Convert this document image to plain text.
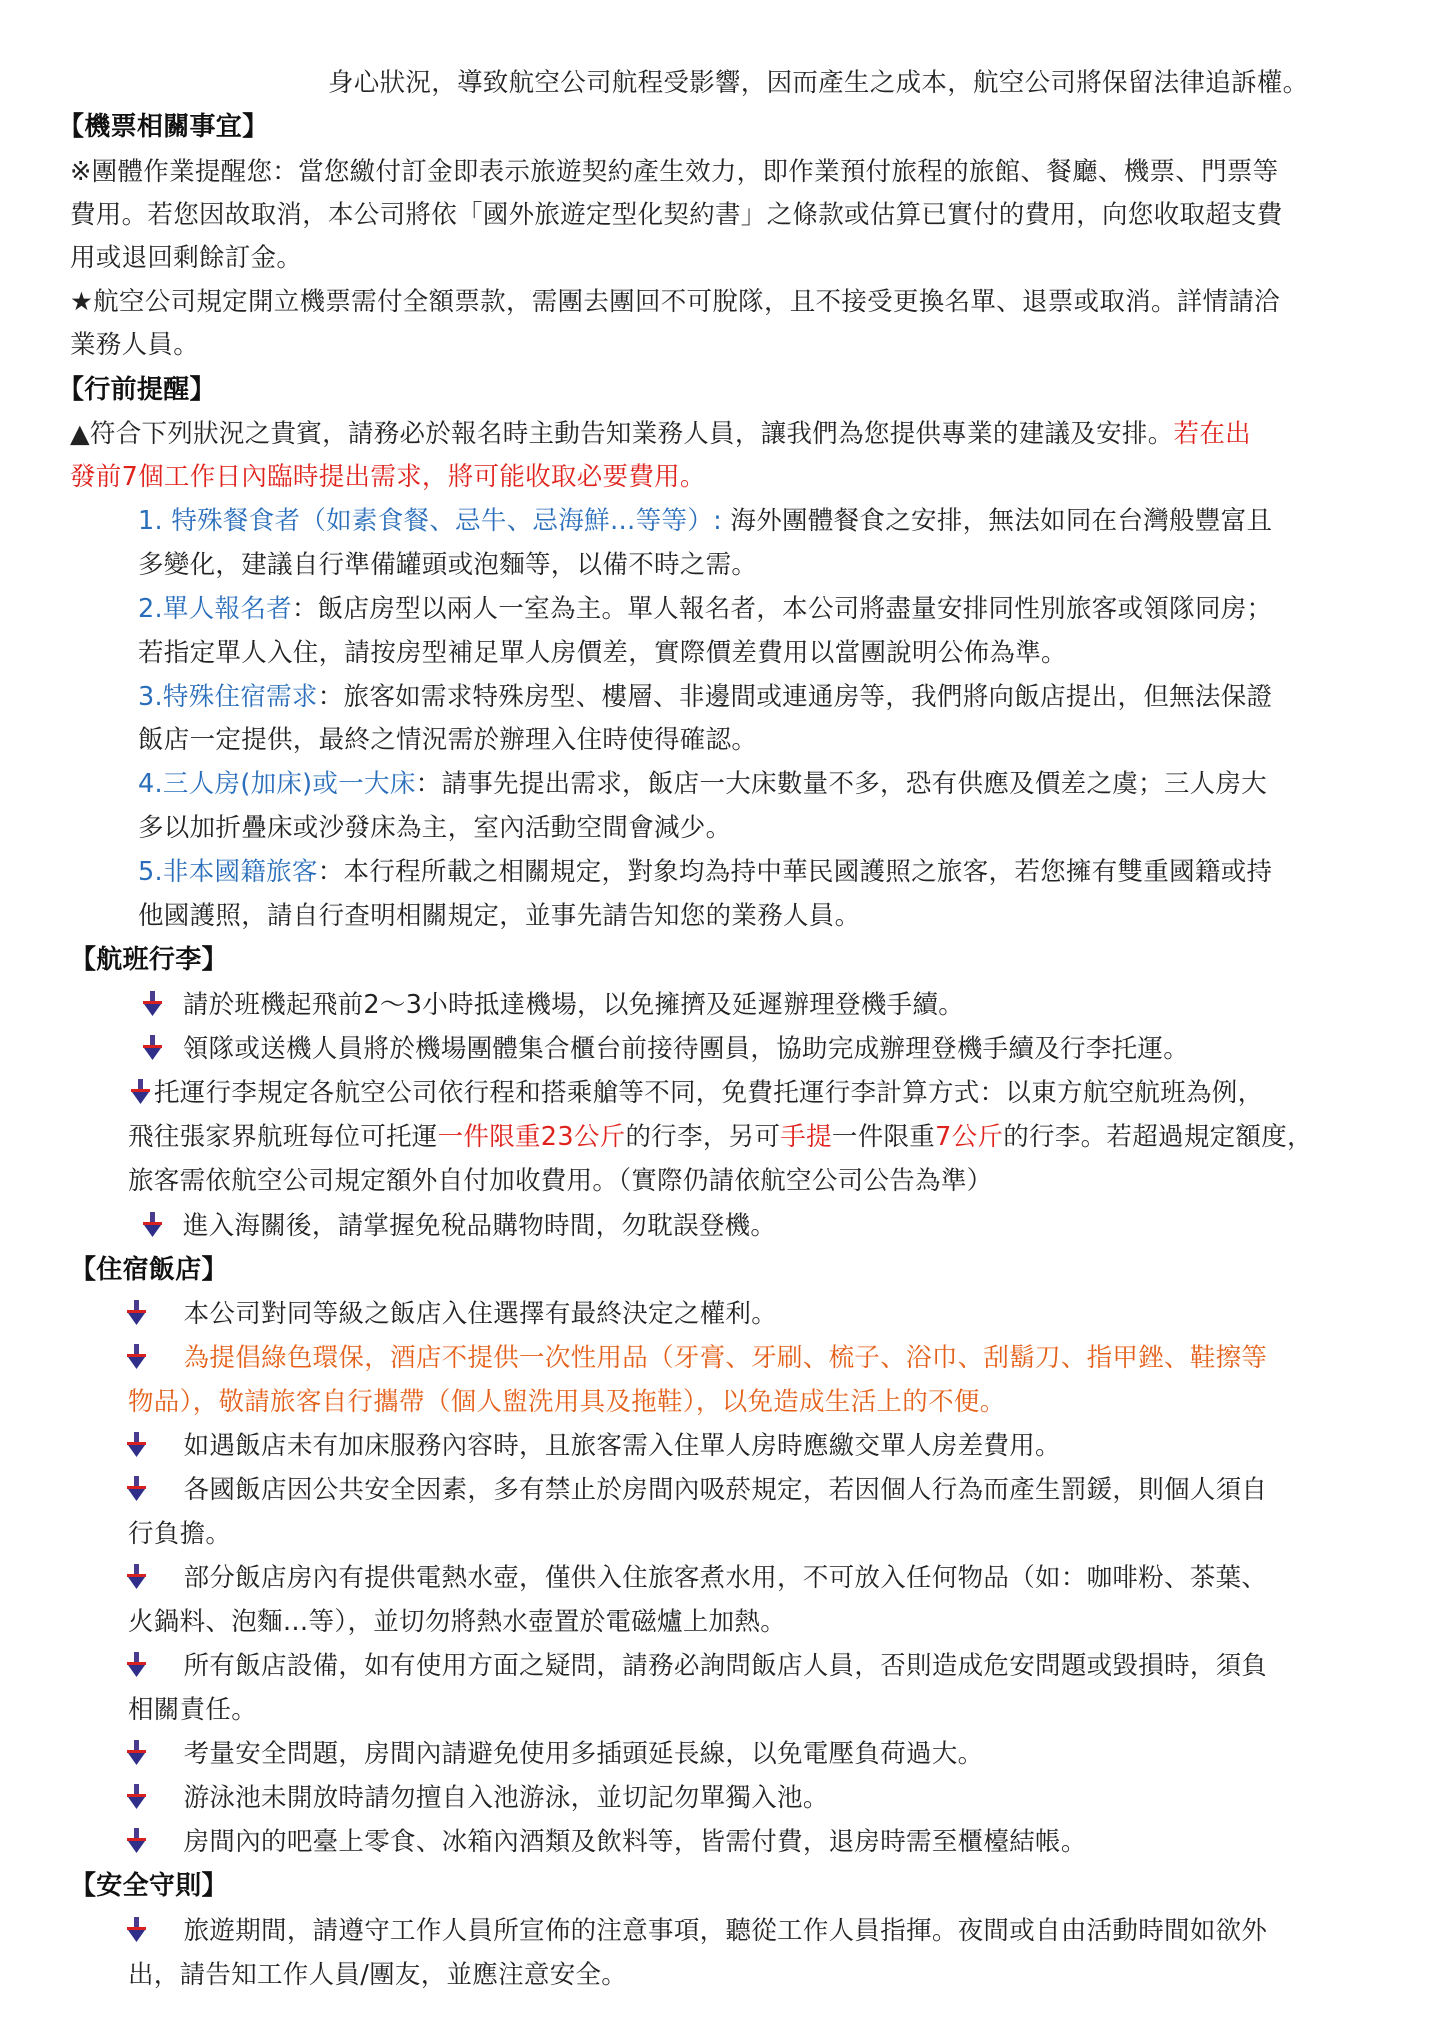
身心狀況，導致航空公司航程受影響，因而產生之成本，航空公司將保留法律追訴權。
【機票相關事宜】
※團體作業提醒您：當您繳付訂金即表示旅遊契約產生效力，即作業預付旅程的旅館、餐廳、機票、門票等
費用。若您因故取消，本公司將依「國外旅遊定型化契約書」之條款或估算已實付的費用，向您收取超支費
用或退回剩餘訂金。
★航空公司規定開立機票需付全額票款，需團去團回不可脫隊，且不接受更換名單、退票或取消。詳情請洽
業務人員。
【行前提醒】
▲符合下列狀況之貴賓，請務必於報名時主動告知業務人員，讓我們為您提供專業的建議及安排。若在出
發前7個工作日內臨時提出需求，將可能收取必要費用。
1. 特殊餐食者（如素食餐、忌牛、忌海鮮…等等）: 海外團體餐食之安排，無法如同在台灣般豐富且
多變化，建議自行準備罐頭或泡麵等，以備不時之需。
2.單人報名者：飯店房型以兩人一室為主。單人報名者，本公司將盡量安排同性別旅客或領隊同房；
若指定單人入住，請按房型補足單人房價差，實際價差費用以當團說明公佈為準。
3.特殊住宿需求：旅客如需求特殊房型、樓層、非邊間或連通房等，我們將向飯店提出，但無法保證
飯店一定提供，最終之情況需於辦理入住時使得確認。
4.三人房(加床)或一大床：請事先提出需求，飯店一大床數量不多，恐有供應及價差之虞；三人房大
多以加折疊床或沙發床為主，室內活動空間會減少。
5.非本國籍旅客：本行程所載之相關規定，對象均為持中華民國護照之旅客，若您擁有雙重國籍或持
他國護照，請自行查明相關規定，並事先請告知您的業務人員。
【航班行李】
請於班機起飛前2～3小時抵達機場，以免擁擠及延遲辦理登機手續。
領隊或送機人員將於機場團體集合櫃台前接待團員，協助完成辦理登機手續及行李托運。
托運行李規定各航空公司依行程和搭乘艙等不同，免費托運行李計算方式：以東方航空航班為例，
飛往張家界航班每位可托運一件限重23公斤的行李，另可手提一件限重7公斤的行李。若超過規定額度，
旅客需依航空公司規定額外自付加收費用。（實際仍請依航空公司公告為準）
進入海關後，請掌握免稅品購物時間，勿耽誤登機。
【住宿飯店】
本公司對同等級之飯店入住選擇有最終決定之權利。
為提倡綠色環保，酒店不提供一次性用品（牙膏、牙刷、梳子、浴巾、刮鬍刀、指甲銼、鞋擦等
物品），敬請旅客自行攜帶（個人盥洗用具及拖鞋），以免造成生活上的不便。
如遇飯店未有加床服務內容時，且旅客需入住單人房時應繳交單人房差費用。
各國飯店因公共安全因素，多有禁止於房間內吸菸規定，若因個人行為而產生罰鍰，則個人須自
行負擔。
部分飯店房內有提供電熱水壺，僅供入住旅客煮水用，不可放入任何物品（如：咖啡粉、茶葉、
火鍋料、泡麵…等），並切勿將熱水壺置於電磁爐上加熱。
所有飯店設備，如有使用方面之疑問，請務必詢問飯店人員，否則造成危安問題或毀損時，須負
相關責任。
考量安全問題，房間內請避免使用多插頭延長線，以免電壓負荷過大。
游泳池未開放時請勿擅自入池游泳，並切記勿單獨入池。
房間內的吧臺上零食、冰箱內酒類及飲料等，皆需付費，退房時需至櫃檯結帳。
【安全守則】
旅遊期間，請遵守工作人員所宣佈的注意事項，聽從工作人員指揮。夜間或自由活動時間如欲外
出，請告知工作人員/團友，並應注意安全。
